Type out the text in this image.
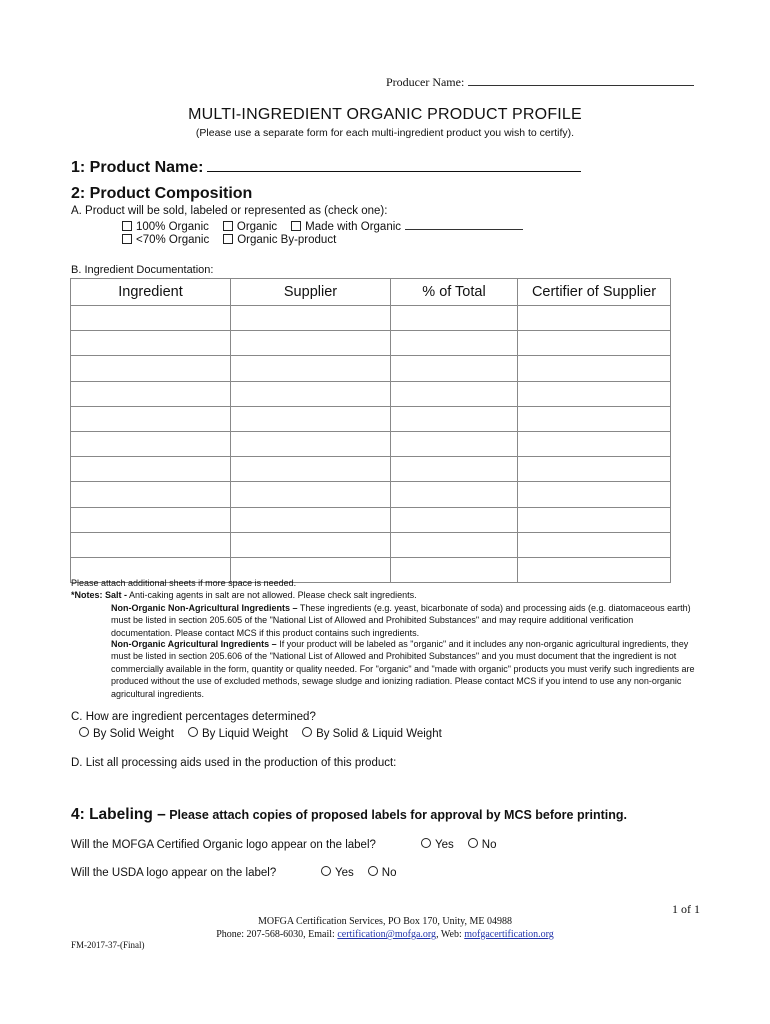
Producer Name:
MULTI-INGREDIENT ORGANIC PRODUCT PROFILE
(Please use a separate form for each multi-ingredient product you wish to certify).
1: Product Name:
2: Product Composition
A. Product will be sold, labeled or represented as (check one):
100% Organic Organic Made with Organic
<70% Organic Organic By-product
B. Ingredient Documentation:
Ingredient	Supplier	% of Total	Certifier of Supplier

Please attach additional sheets if more space is needed.
*Notes: Salt - Anti-caking agents in salt are not allowed. Please check salt ingredients.
Non-Organic Non-Agricultural Ingredients – These ingredients (e.g. yeast, bicarbonate of soda) and processing aids (e.g. diatomaceous earth) must be listed in section 205.605 of the "National List of Allowed and Prohibited Substances" and may require additional verification documentation. Please contact MCS if this product contains such ingredients.
Non-Organic Agricultural Ingredients – If your product will be labeled as "organic" and it includes any non-organic agricultural ingredients, they must be listed in section 205.606 of the "National List of Allowed and Prohibited Substances" and you must document that the ingredient is not commercially available in the form, quantity or quality needed. For "organic" and "made with organic" products you must verify such ingredients are produced without the use of excluded methods, sewage sludge and ionizing radiation. Please contact MCS if you intend to use any non-organic agricultural ingredients.
C. How are ingredient percentages determined?
By Solid Weight By Liquid Weight By Solid & Liquid Weight
D. List all processing aids used in the production of this product:
4: Labeling – Please attach copies of proposed labels for approval by MCS before printing.
Will the MOFGA Certified Organic logo appear on the label?	Yes No
Will the USDA logo appear on the label?	Yes No
1 of 1
MOFGA Certification Services, PO Box 170, Unity, ME 04988
Phone: 207-568-6030, Email: certification@mofga.org, Web: mofgacertification.org
FM-2017-37-(Final)
